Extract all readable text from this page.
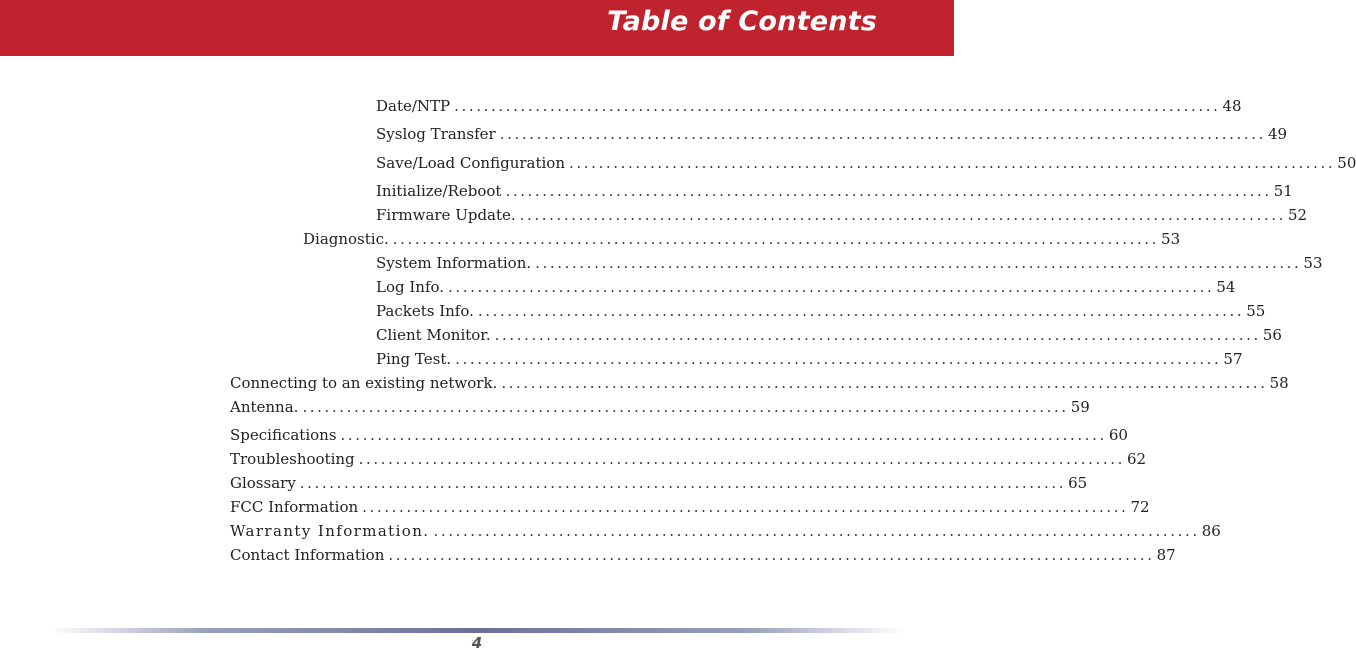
Table of Contents
Date/NTP ........................................................................................................ 48
Syslog Transfer ........................................................................................................ 49
Save/Load Configuration ........................................................................................................ 50
Initialize/Reboot ........................................................................................................ 51
Firmware Update. ........................................................................................................ 52
Diagnostic. ........................................................................................................ 53
System Information. ........................................................................................................ 53
Log Info. ........................................................................................................ 54
Packets Info. ........................................................................................................ 55
Client Monitor. ........................................................................................................ 56
Ping Test. ........................................................................................................ 57
Connecting to an existing network. ........................................................................................................ 58
Antenna. ........................................................................................................ 59
Specifications ........................................................................................................ 60
Troubleshooting ........................................................................................................ 62
Glossary ........................................................................................................ 65
FCC Information ........................................................................................................ 72
Warranty Information. ........................................................................................................ 86
Contact Information ........................................................................................................ 87
4
